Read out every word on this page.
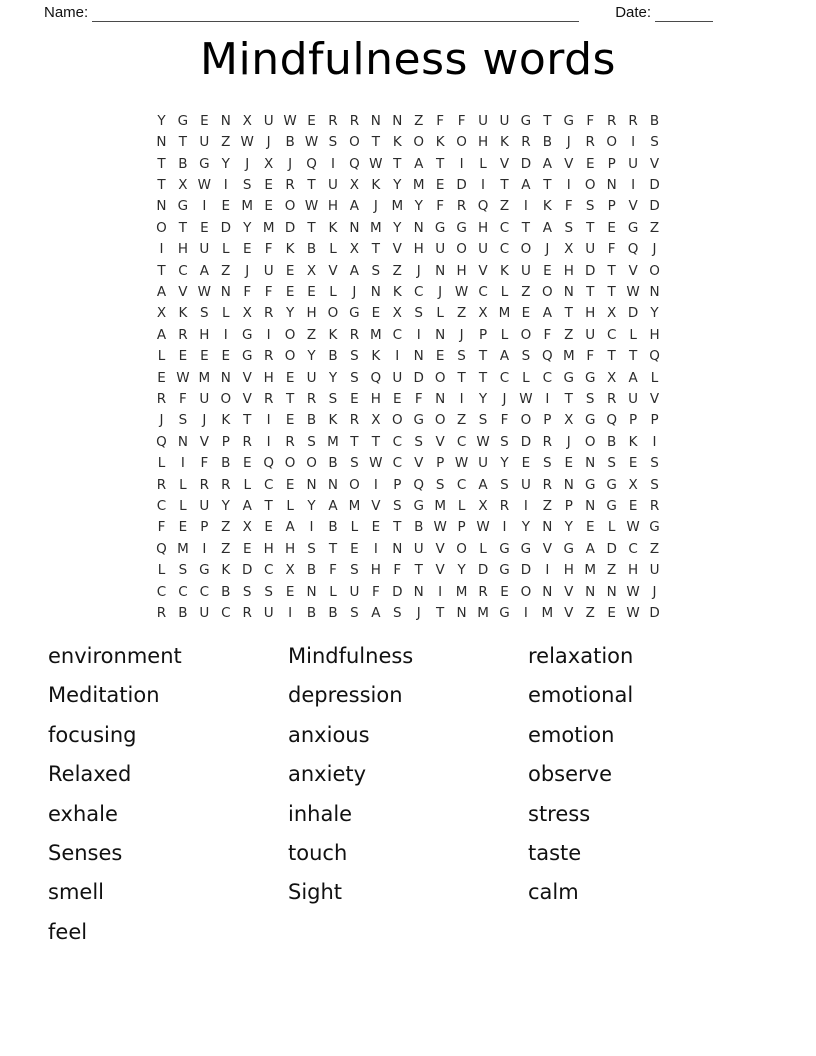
Name:	Date:
Mindfulness words
Y G E N X U W E R R N N Z F	F U U G T G F R R B
N T U Z W J	B W S O T K O K O H K R B	J	R O	I	S
T B G Y	J	X	J	Q	I	Q W T A T	I	L V D A V E P U V
T X W I	S E R T U X K Y M E D	I	T A T	I	O N	I	D
N G	I	E M E O W H A	J	M Y F R Q Z	I	K F S P V D
O T E D Y M D T K N M Y N G G H C T A S T E G Z
I	H U L E F K B L X T V H U O U C O	J	X U F Q	J
T C A Z	J	U E X V A S Z	J	N H V K U E H D T V O
A V W N F	F E E L	J	N K C	J W C L Z O N T T W N
X K S L X R Y H O G E X S L Z X M E A T H X D Y
A R H	I	G	I	O Z K R M C	I	N	J	P	L O F Z U C L H
L E E E G R O Y B S K	I	N E S T A S Q M F T T Q
E W M N V H E U Y S Q U D O T T C L C G G X A L
R F U O V R T R S E H E F N	I	Y	J W I	T S R U V
J	S	J	K T	I	E B K R X O G O Z S F O P X G Q P P
Q N V P R	I	R S M T T C S V C W S D R	J	O B K	I
L	I	F B E Q O O B S W C V P W U Y E S E N S E S
R L R R L C E N N O	I	P Q S C A S U R N G G X S
C L U Y A T	L	Y A M V S G M L X R	I	Z P N G E R
F E P Z X E A	I	B L E T B W P W I	Y N Y E L W G
Q M	I	Z E H H S T E	I	N U V O L G G V G A D C Z
L S G K D C X B F S H F T V Y D G D	I	H M Z H U
C C C B S S E N L U F D N	I	M R E O N V N N W J
R B U C R U	I	B B S A S	J	T N M G	I	M V Z E W D
environment
Meditation
focusing
Relaxed
exhale
Senses
smell
feel
Mindfulness
depression
anxious
anxiety
inhale
touch
Sight
relaxation
emotional
emotion
observe
stress
taste
calm
